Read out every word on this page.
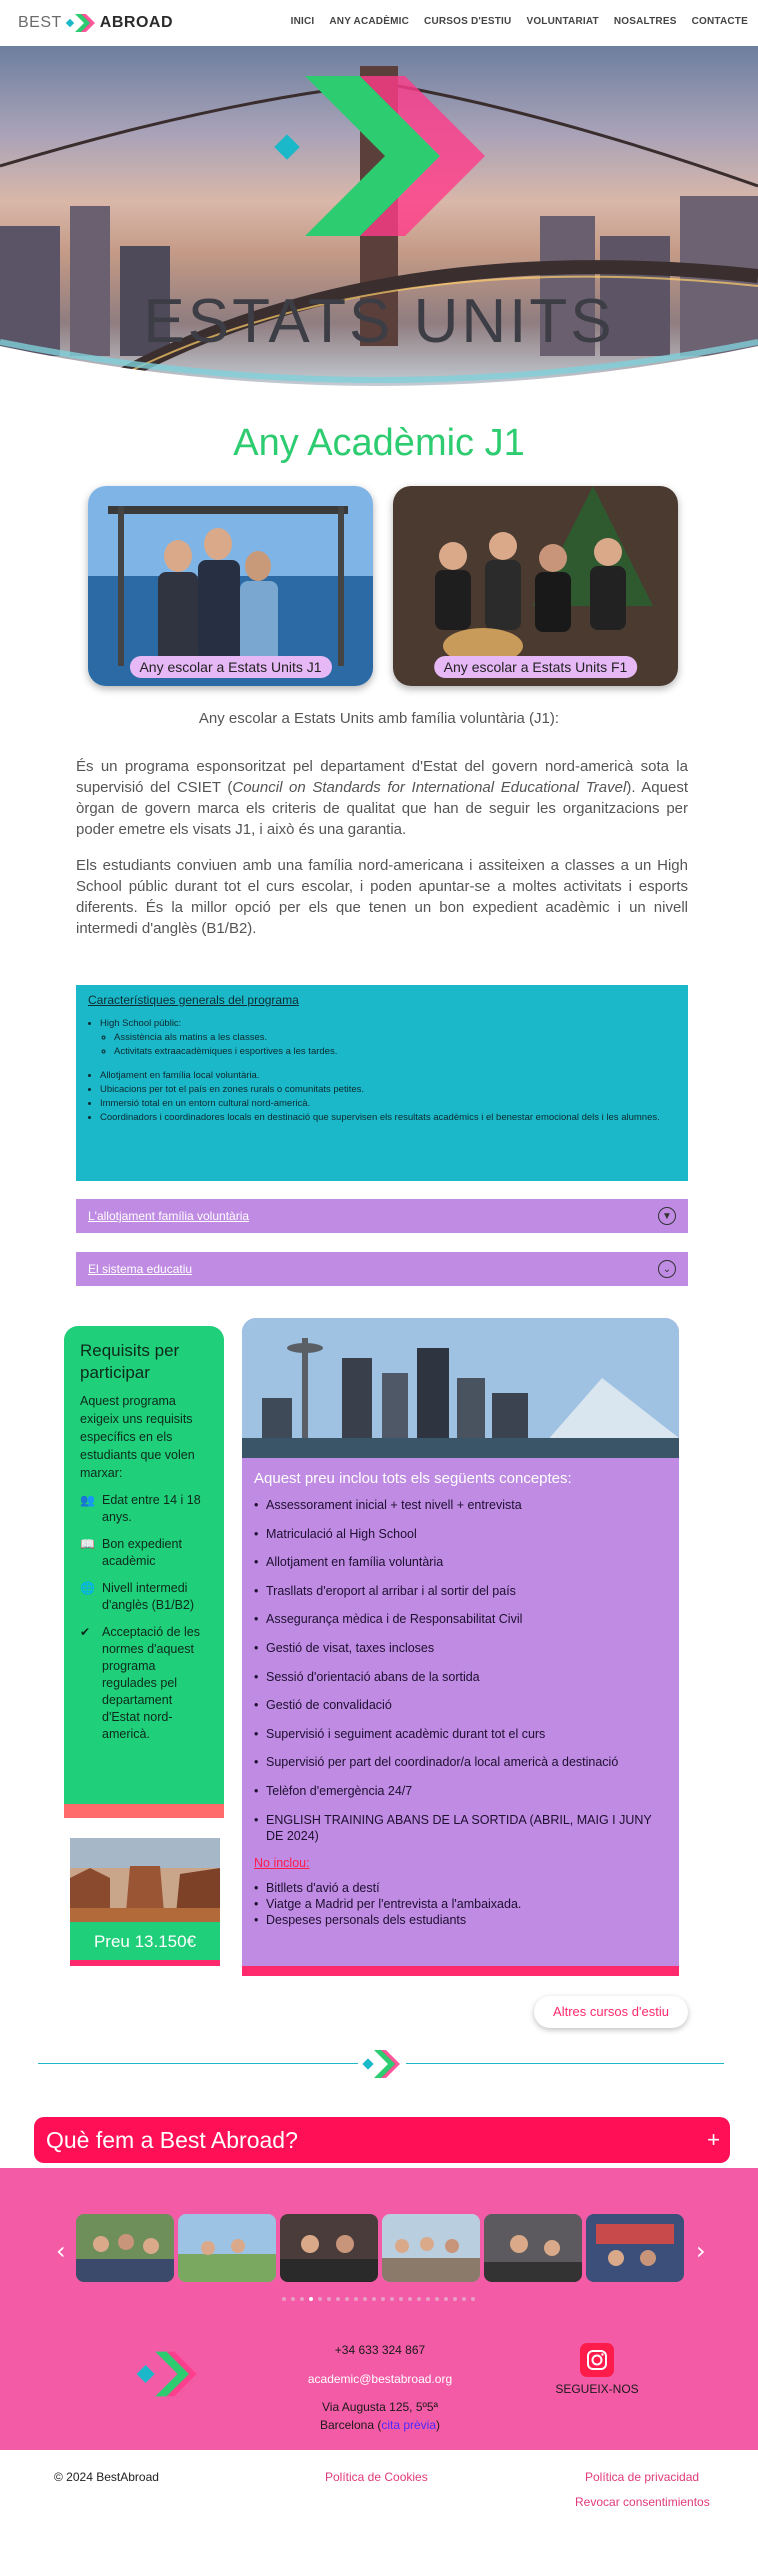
BEST ABROAD	INICI ANY ACADÈMIC CURSOS D'ESTIU VOLUNTARIAT NOSALTRES CONTACTE
ESTATS UNITS
Any Acadèmic J1
Any escolar a Estats Units J1	Any escolar a Estats Units F1
Any escolar a Estats Units amb família voluntària (J1):

És un programa esponsoritzat pel departament d'Estat del govern nord-americà sota la supervisió del CSIET (Council on Standards for International Educational Travel). Aquest òrgan de govern marca els criteris de qualitat que han de seguir les organitzacions per poder emetre els visats J1, i això és una garantia.

Els estudiants conviuen amb una família nord-americana i assiteixen a classes a un High School públic durant tot el curs escolar, i poden apuntar-se a moltes activitats i esports diferents. És la millor opció per els que tenen un bon expedient acadèmic i un nivell intermedi d'anglès (B1/B2).

Característiques generals del programa
• High School públic:
◦ Assistència als matins a les classes.
◦ Activitats extraacadèmiques i esportives a les tardes.
• Allotjament en família local voluntària.
• Ubicacions per tot el país en zones rurals o comunitats petites.
• Immersió total en un entorn cultural nord-americà.
• Coordinadors i coordinadores locals en destinació que supervisen els resultats acadèmics i el benestar emocional dels i les alumnes.
L'allotjament família voluntària	▼
El sistema educatiu	⌄
Requisits per participar

Aquest programa exigeix uns requisits específics en els estudiants que volen marxar:

👥 Edat entre 14 i 18 anys.
📖 Bon expedient acadèmic
🌐 Nivell intermedi d'anglès (B1/B2)
✔ Acceptació de les normes d'aquest programa regulades pel departament d'Estat nord-americà.
Preu 13.150€
Aquest preu inclou tots els següents conceptes:
• Assessorament inicial + test nivell + entrevista
• Matriculació al High School
• Allotjament en família voluntària
• Trasllats d'eroport al arribar i al sortir del país
• Assegurança mèdica i de Responsabilitat Civil
• Gestió de visat, taxes incloses
• Sessió d'orientació abans de la sortida
• Gestió de convalidació
• Supervisió i seguiment acadèmic durant tot el curs
• Supervisió per part del coordinador/a local americà a destinació
• Telèfon d'emergència 24/7
• ENGLISH TRAINING ABANS DE LA SORTIDA (ABRIL, MAIG I JUNY DE 2024)
No inclou:
• Bitllets d'avió a destí
• Viatge a Madrid per l'entrevista a l'ambaixada.
• Despeses personals dels estudiants
Altres cursos d'estiu
Què fem a Best Abroad?	+
‹	›
+34 633 324 867
academic@bestabroad.org
Via Augusta 125, 5º5ª
Barcelona (cita prèvia)
SEGUEIX-NOS
© 2024 BestAbroad	Política de Cookies	Política de privacidad
Revocar consentimientos
